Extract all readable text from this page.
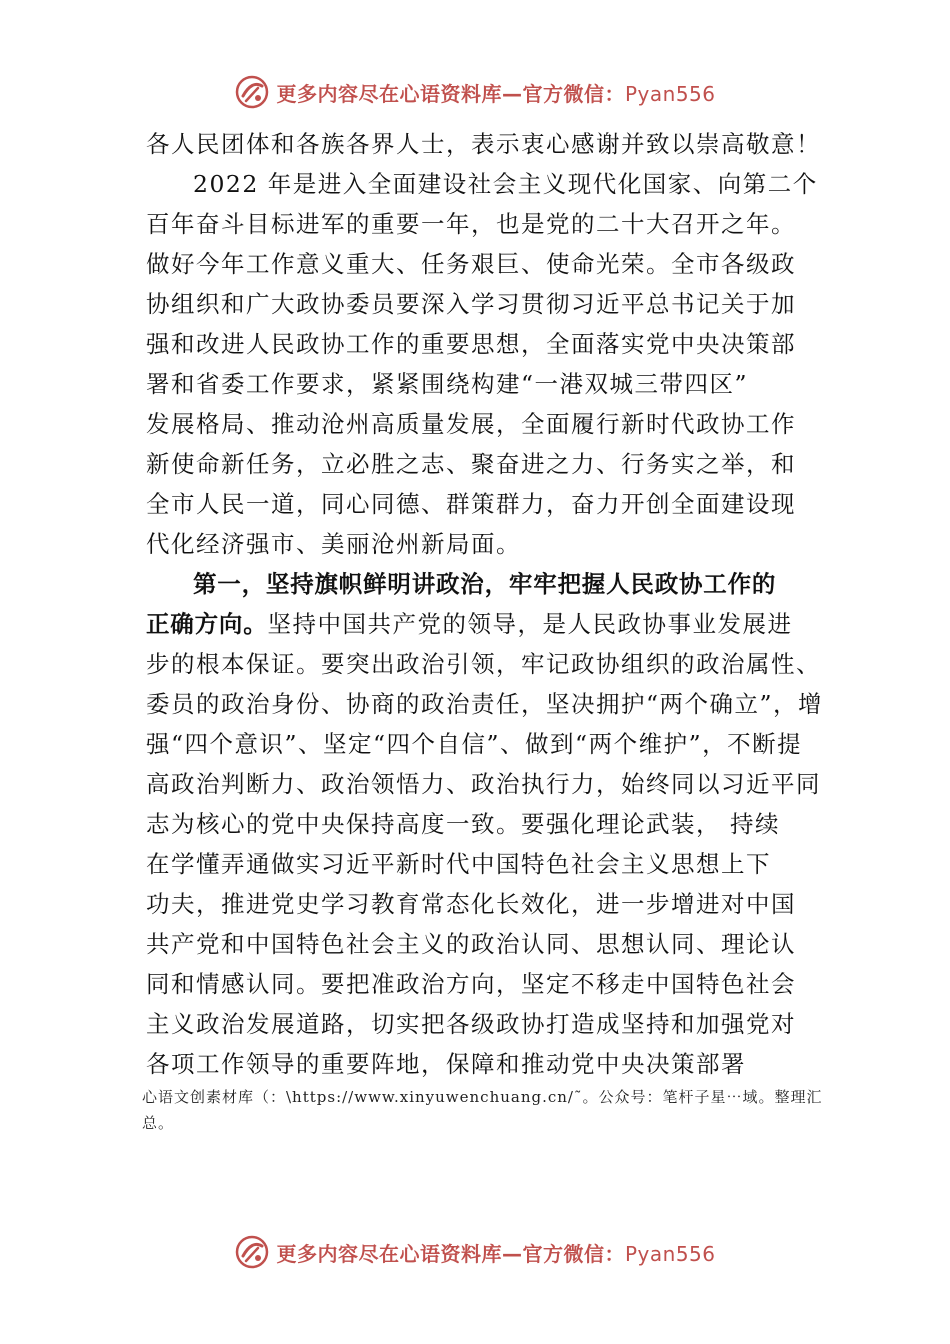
更多内容尽在心语资料库—官方微信：Pyan556
各人民团体和各族各界人士，表示衷心感谢并致以崇高敬意！
2022 年是进入全面建设社会主义现代化国家、向第二个
百年奋斗目标进军的重要一年，也是党的二十大召开之年。
做好今年工作意义重大、任务艰巨、使命光荣。全市各级政
协组织和广大政协委员要深入学习贯彻习近平总书记关于加
强和改进人民政协工作的重要思想，全面落实党中央决策部
署和省委工作要求，紧紧围绕构建“一港双城三带四区”
发展格局、推动沧州高质量发展，全面履行新时代政协工作
新使命新任务，立必胜之志、聚奋进之力、行务实之举，和
全市人民一道，同心同德、群策群力，奋力开创全面建设现
代化经济强市、美丽沧州新局面。
第一，坚持旗帜鲜明讲政治，牢牢把握人民政协工作的
正确方向。坚持中国共产党的领导，是人民政协事业发展进
步的根本保证。要突出政治引领，牢记政协组织的政治属性、
委员的政治身份、协商的政治责任，坚决拥护“两个确立”，增
强“四个意识”、坚定“四个自信”、做到“两个维护”，不断提
高政治判断力、政治领悟力、政治执行力，始终同以习近平同
志为核心的党中央保持高度一致。要强化理论武装， 持续
在学懂弄通做实习近平新时代中国特色社会主义思想上下
功夫，推进党史学习教育常态化长效化，进一步增进对中国
共产党和中国特色社会主义的政治认同、思想认同、理论认
同和情感认同。要把准政治方向，坚定不移走中国特色社会
主义政治发展道路，切实把各级政协打造成坚持和加强党对
各项工作领导的重要阵地，保障和推动党中央决策部署
心语文创素材库（：\https://www.xinyuwenchuang.cn/˜。公众号：笔杆子星⋯域。整理汇
总。
更多内容尽在心语资料库—官方微信：Pyan556
